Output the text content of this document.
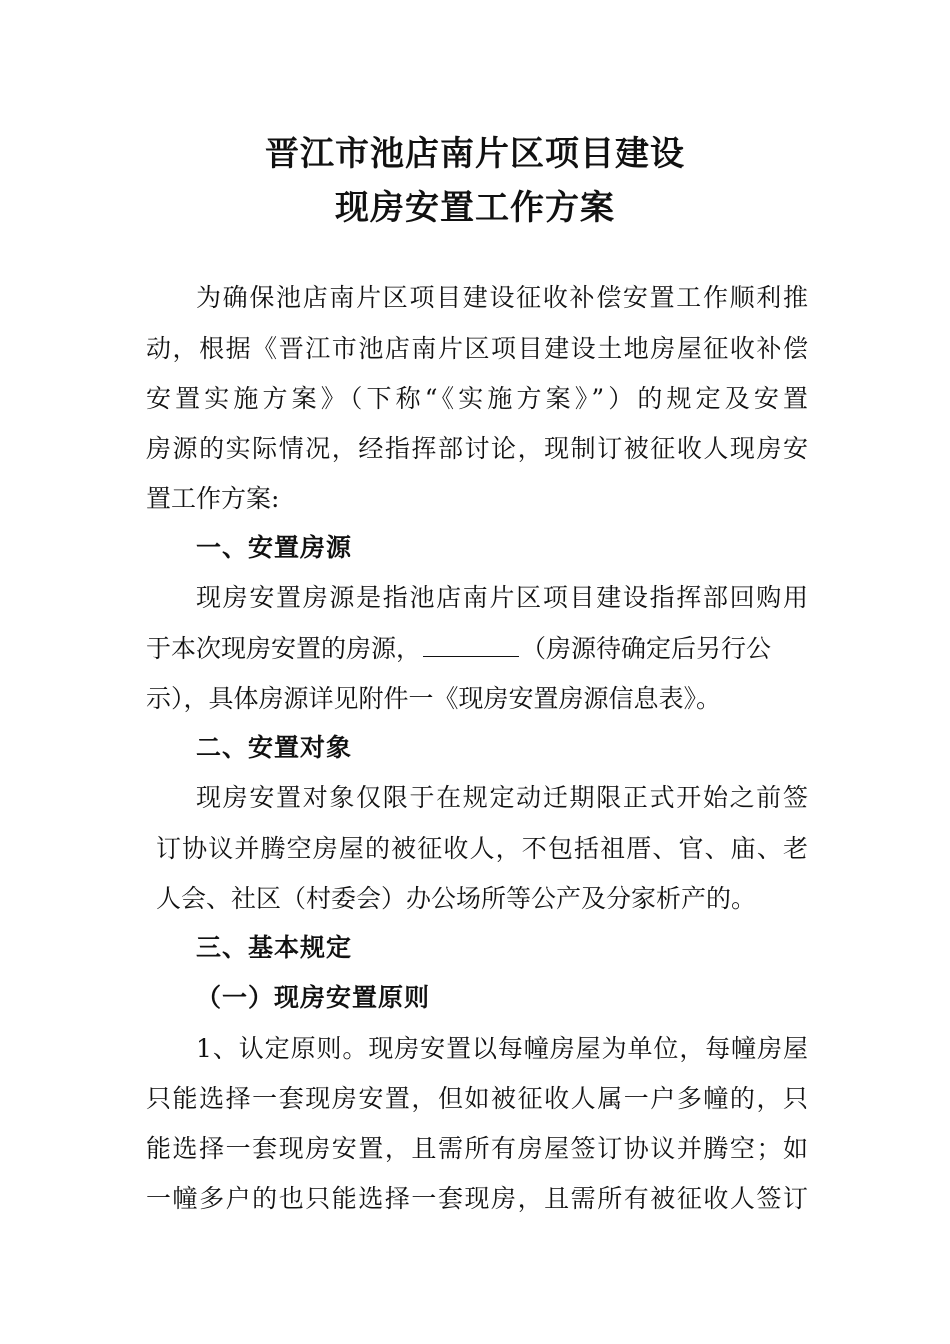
晋江市池店南片区项目建设
现房安置工作方案
为确保池店南片区项目建设征收补偿安置工作顺利推
动，根据《晋江市池店南片区项目建设土地房屋征收补偿
安置实施方案》（下称“《实施方案》”）的规定及安置
房源的实际情况，经指挥部讨论，现制订被征收人现房安
置工作方案:
一、安置房源
现房安置房源是指池店南片区项目建设指挥部回购用
于本次现房安置的房源，	（房源待确定后另行公
示），具体房源详见附件一《现房安置房源信息表》。
二、安置对象
现房安置对象仅限于在规定动迁期限正式开始之前签
订协议并腾空房屋的被征收人，不包括祖厝、官、庙、老
人会、社区（村委会）办公场所等公产及分家析产的。
三、基本规定
（一）现房安置原则
1、认定原则。现房安置以每幢房屋为单位，每幢房屋
只能选择一套现房安置，但如被征收人属一户多幢的，只
能选择一套现房安置，且需所有房屋签订协议并腾空；如
一幢多户的也只能选择一套现房，且需所有被征收人签订
